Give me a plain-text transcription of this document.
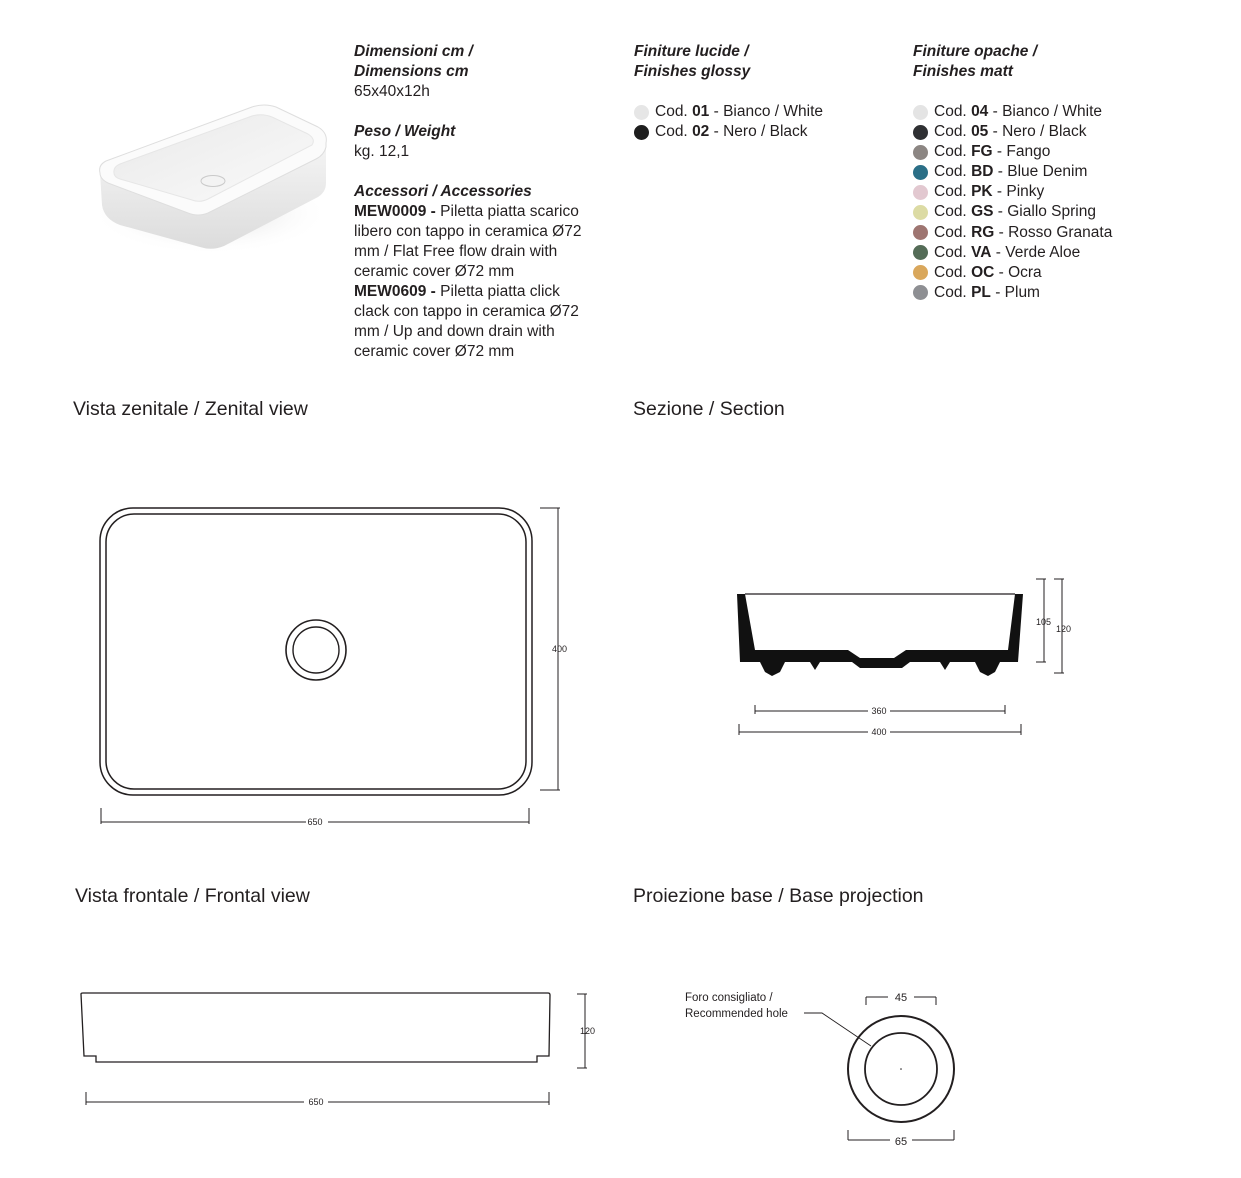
Dimensioni cm /

Dimensions cm

65x40x12h

Peso / Weight

kg. 12,1

Accessori / Accessories

MEW0009 - Piletta piatta scarico

libero con tappo in ceramica Ø72

mm / Flat Free flow drain with

ceramic cover Ø72 mm

MEW0609 - Piletta piatta click

clack con tappo in ceramica Ø72

mm / Up and down drain with

ceramic cover Ø72 mm

Finiture lucide /

Finishes glossy

Cod.
01
- Bianco / White
Cod.
02
- Nero / Black

Finiture opache /

Finishes matt

Cod.
04
- Bianco / White
Cod.
05
- Nero / Black
Cod.
FG
- Fango
Cod.
BD
- Blue Denim
Cod.
PK
- Pinky
Cod.
GS
- Giallo Spring
Cod.
RG
- Rosso Granata
Cod.
VA
- Verde Aloe
Cod.
OC
- Ocra
Cod.
PL
- Plum

Vista zenitale / Zenital view	Sezione / Section

Vista frontale / Frontal view	Proiezione base / Base projection

400
650
105
120
360
400
120
650
Foro consigliato /
Recommended hole
45
65
